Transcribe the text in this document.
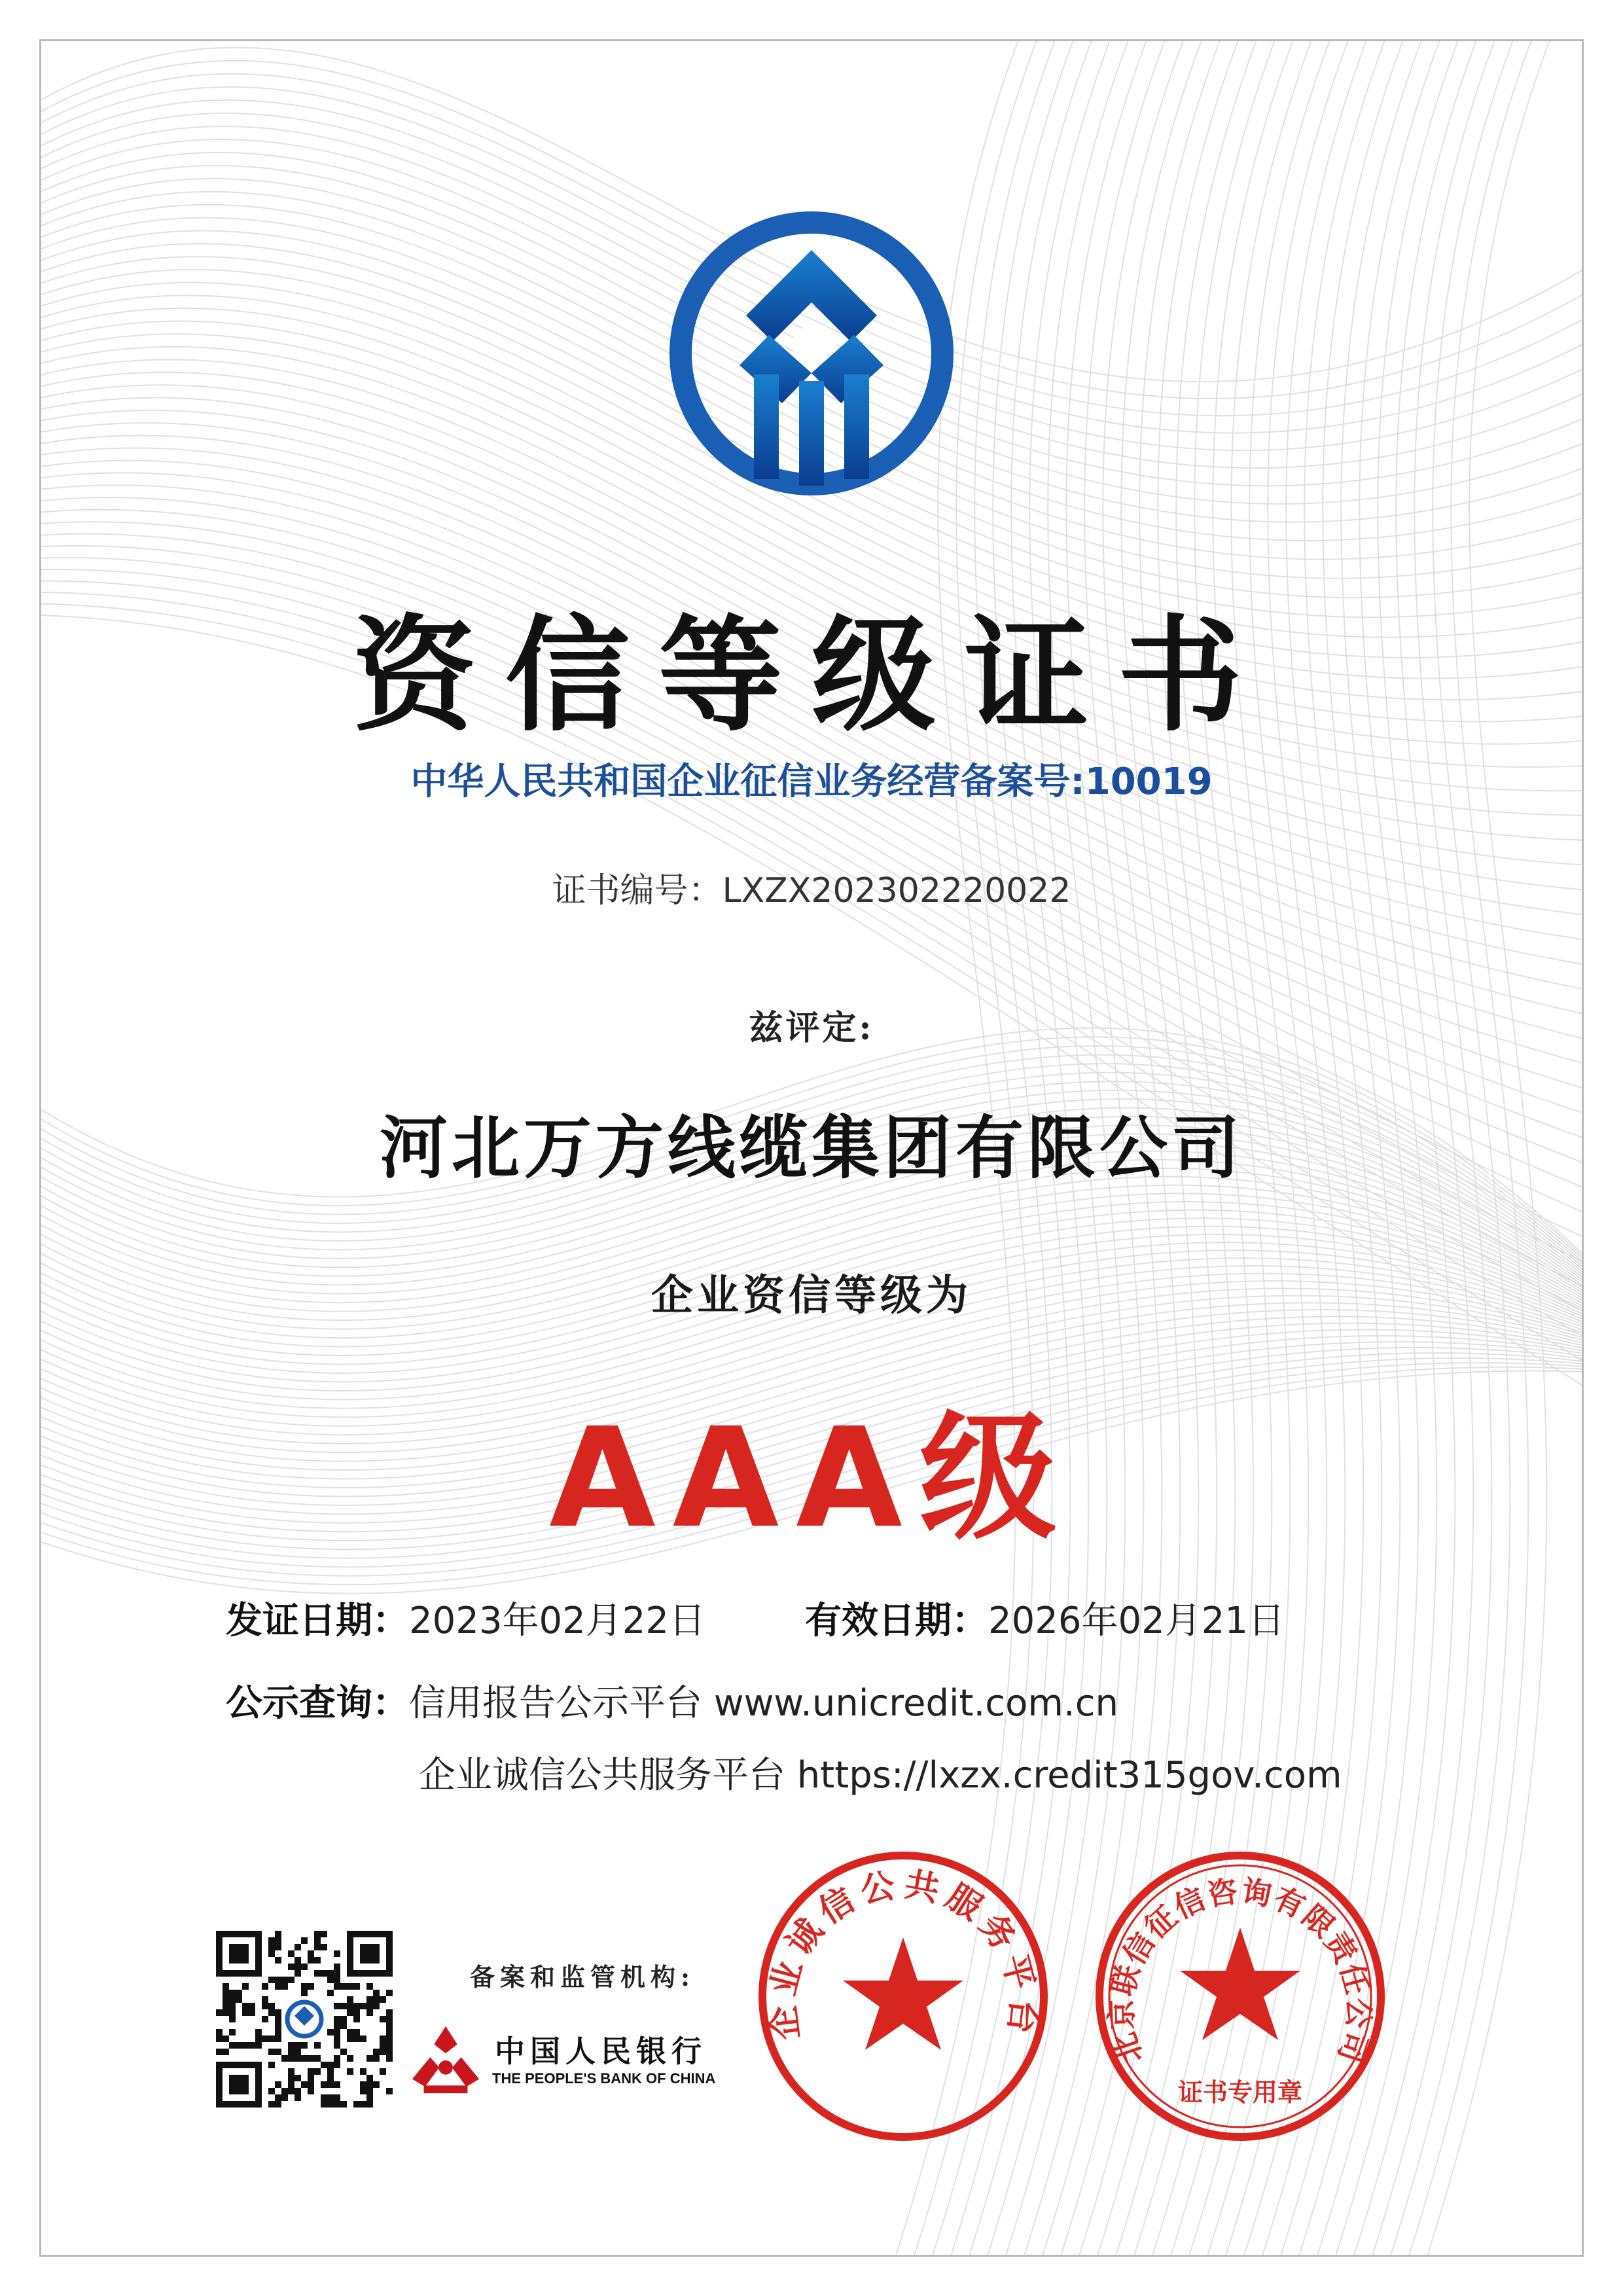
资信等级证书
中华人民共和国企业征信业务经营备案号:10019
证书编号：LXZX202302220022
兹评定:
河北万方线缆集团有限公司
企业资信等级为
AAA级
发证日期：2023年02月22日	有效日期：2026年02月21日
公示查询：信用报告公示平台 www.unicredit.com.cn
企业诚信公共服务平台 https://lxzx.credit315gov.com
备案和监管机构:
中国人民银行
THE PEOPLE'S BANK OF CHINA
企业诚信公共服务平台
北京联信征信咨询有限责任公司
证书专用章
